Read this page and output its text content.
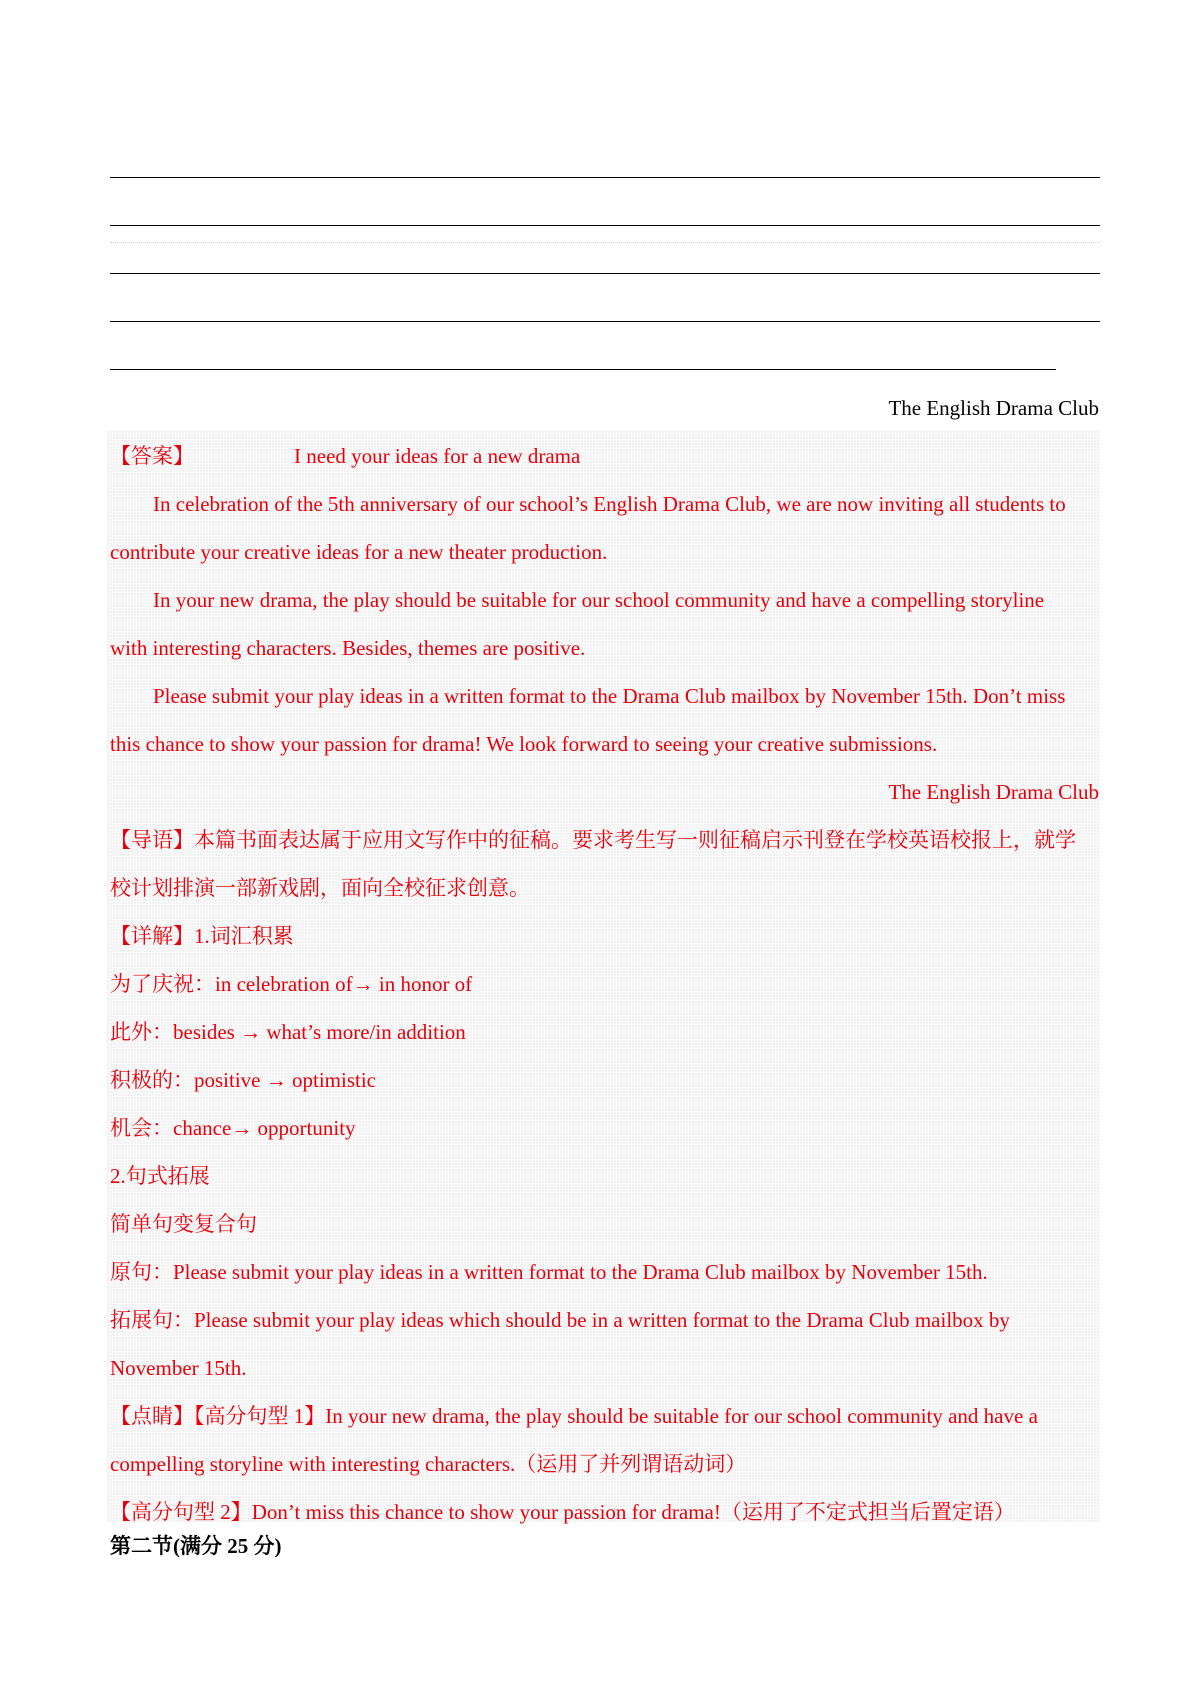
The English Drama Club
【答案】	I need your ideas for a new drama
In celebration of the 5th anniversary of our school’s English Drama Club, we are now inviting all students to
contribute your creative ideas for a new theater production.
In your new drama, the play should be suitable for our school community and have a compelling storyline
with interesting characters. Besides, themes are positive.
Please submit your play ideas in a written format to the Drama Club mailbox by November 15th. Don’t miss
this chance to show your passion for drama! We look forward to seeing your creative submissions.
The English Drama Club
【导语】本篇书面表达属于应用文写作中的征稿。要求考生写一则征稿启示刊登在学校英语校报上，就学
校计划排演一部新戏剧，面向全校征求创意。
【详解】1.词汇积累
为了庆祝：in celebration of→ in honor of
此外：besides → what’s more/in addition
积极的：positive → optimistic
机会：chance→ opportunity
2.句式拓展
简单句变复合句
原句：Please submit your play ideas in a written format to the Drama Club mailbox by November 15th.
拓展句：Please submit your play ideas which should be in a written format to the Drama Club mailbox by
November 15th.
【点睛】【高分句型 1】In your new drama, the play should be suitable for our school community and have a
compelling storyline with interesting characters.（运用了并列谓语动词）
【高分句型 2】Don’t miss this chance to show your passion for drama!（运用了不定式担当后置定语）
第二节(满分 25 分)
